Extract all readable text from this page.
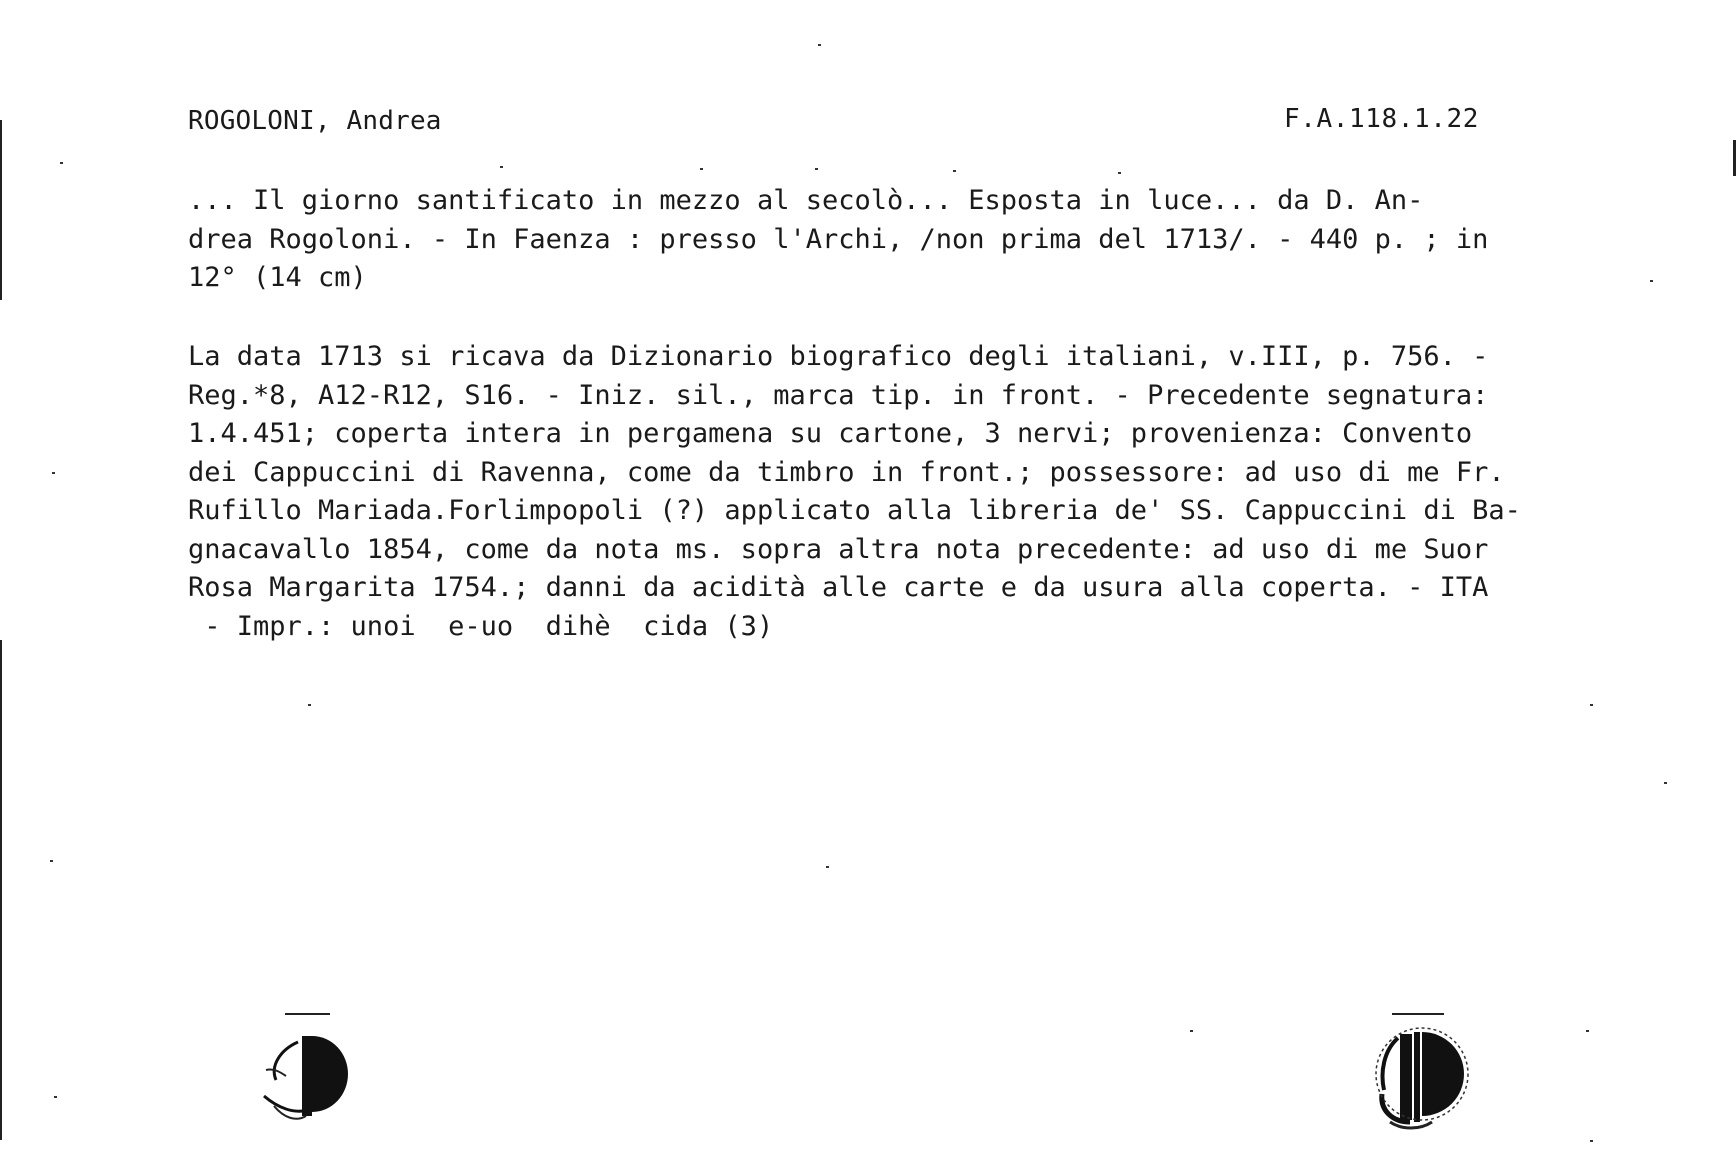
ROGOLONI, Andrea	F.A.118.1.22
... Il giorno santificato in mezzo al secolò... Esposta in luce... da D. An-
drea Rogoloni. - In Faenza : presso l'Archi, /non prima del 1713/. - 440 p. ; in
12° (14 cm)
La data 1713 si ricava da Dizionario biografico degli italiani, v.III, p. 756. -
Reg.*8, A12-R12, S16. - Iniz. sil., marca tip. in front. - Precedente segnatura:
1.4.451; coperta intera in pergamena su cartone, 3 nervi; provenienza: Convento
dei Cappuccini di Ravenna, come da timbro in front.; possessore: ad uso di me Fr.
Rufillo Mariada.Forlimpopoli (?) applicato alla libreria de' SS. Cappuccini di Ba-
gnacavallo 1854, come da nota ms. sopra altra nota precedente: ad uso di me Suor
Rosa Margarita 1754.; danni da acidità alle carte e da usura alla coperta. - ITA
- Impr.: unoi  e-uo  dihè  cida (3)
